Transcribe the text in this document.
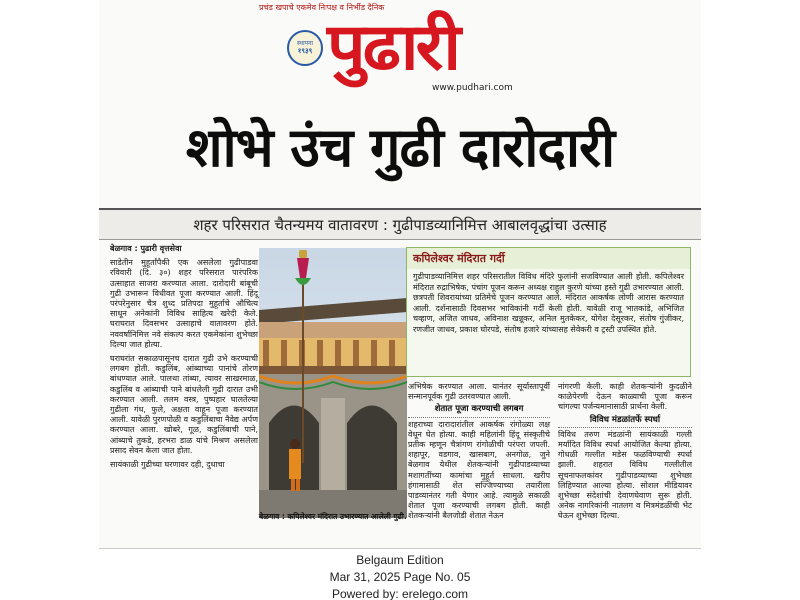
प्रचंड खपाचे एकमेव निःपक्ष व निर्भीड दैनिक
स्थापना
१९३९ पुढारी
www.pudhari.com
शोभे उंच गुढी दारोदारी
शहर परिसरात चैतन्यमय वातावरण : गुढीपाडव्यानिमित्त आबालवृद्धांचा उत्साह

बेळगाव : पुढारी वृत्तसेवा

साडेतीन मुहूर्तांपैकी एक असलेला गुढीपाडवा रविवारी (दि. ३०) शहर परिसरात पारंपरिक उत्साहात साजरा करण्यात आला. दारोदारी बांबूची गुढी उभारून विधीवत पूजा करण्यात आली. हिंदू परंपरेनुसार चैत्र शुध्द प्रतिपदा मुहूर्ताचे औचित्य साधून अनेकांनी विविध साहित्य खरेदी केले. घराघरात दिवसभर उत्साहाचे वातावरण होते. नववर्षानिमित्त नवे संकल्प करत एकमेकांना शुभेच्छा दिल्या जात होत्या.

घराघरांत सकाळपासूनच दारात गुढी उभे करण्याची लगबग होती. कडुलिंब, आंब्याच्या पानांचे तोरण बांधण्यात आले. पालथा तांब्या, त्यावर साखरमाळ, कडुलिंब व आंब्याची पाने बांधलेली गुढी दारात उभी करण्यात आली. तलम वस्त्र, पुष्पहार घालतेल्या गुढीला गंध, फुले, अक्षता वाहून पूजा करण्यात आली. यावेळी पुरणपोळी व कडुलिंबाचा नैवेद्य अर्पण करण्यात आला. खोबरे, गूळ, कडुलिंबाची पाने, आंब्याचे तुकडे, हरभरा डाळ यांचे मिश्रण असलेला प्रसाद सेवन केला जात होता.

सायंकाळी गुढीच्या घरणावर दही, दुधाचा

बेळगाव : कपिलेश्वर मंदिरात उभारण्यात आलेली गुढी.
कपिलेश्वर मंदिरात गर्दी
गुढीपाडव्यानिमित्त शहर परिसरातील विविध मंदिरे फुलांनी सजविण्यात आली होती. कपिलेश्वर मंदिरात रुद्राभिषेक, पंचांग पूजन करून अध्यक्ष राहुल कुरणे यांच्या हस्ते गुढी उभारण्यात आली. छत्रपती शिवरायांच्या प्रतिमेचे पूजन करण्यात आले. मंदिरात आकर्षक लोणी आरास करण्यात आली. दर्शनासाठी दिवसभर भाविकांनी गर्दी केली होती. यावेळी राजू भातकांडे, अभिजित चव्हाण, अजित जाधव, अविनाश खन्नूकर, अनिल मुतकेकर, योगेश देसूरकर, संतोष गुंजीकर, रणजीत जाधव, प्रकाश घोरपडे, संतोष हजारे यांच्यासह सेवेकरी व ट्रस्टी उपस्थित होते.

अभिषेक करण्यात आला. यानंतर सूर्यास्तापूर्वी सन्मानपूर्वक गुढी उतरवण्यात आली.

शेतात पूजा करण्याची लगबग

शहराच्या दारादारांतील आकर्षक रांगोळ्या लक्ष वेधून घेत होत्या. काही महिलांनी हिंदू संस्कृतीचे प्रतीक म्हणून चैत्रांगण रांगोळीची परंपरा जपली. शहापूर, वडगाव, खासबाग, अनगोळ, जुने बेळगाव येथील शेतकऱ्यांनी गुढीपाडव्याच्या मशागतींच्या कामांचा मुहूर्त साधला. खरीप हंगामासाठी शेत सज्जिण्याच्या तयारीला पाडव्यानंतर गती येणार आहे. त्यामुळे सकाळी शेतात पूजा करण्याची लगबग होती. काही शेतकऱ्यांनी बैलजोडी शेतात नेऊन

नांगरणी केली. काही शेतकऱ्यांनी कुदळीने काळेपेरणी देऊन काळ्याची पूजा करून चांगल्या पर्जन्यमानासाठी प्रार्थना केली.

विविध मंडळांतर्फे स्पर्धा

विविध तरुण मंडळांनी सायंकाळी गल्ली मर्यादित विविध स्पर्धा आयोजित केल्या होत्या. गोधळी गल्लीत मडेस फळविण्याची स्पर्धा झाली. शहरात विविध गल्लीतील सूचनाफलकांवर गुढीपाडव्याच्या शुभेच्छा लिहिण्यात आल्या होत्या. सोशल मीडियावर शुभेच्छा संदेशांची देवाणघेवाण सुरू होती. अनेक नागरिकांनी नातलग व मित्रमंडळींची भेट घेऊन शुभेच्छा दिल्या.

Belgaum Edition
Mar 31, 2025 Page No. 05
Powered by: erelego.com
